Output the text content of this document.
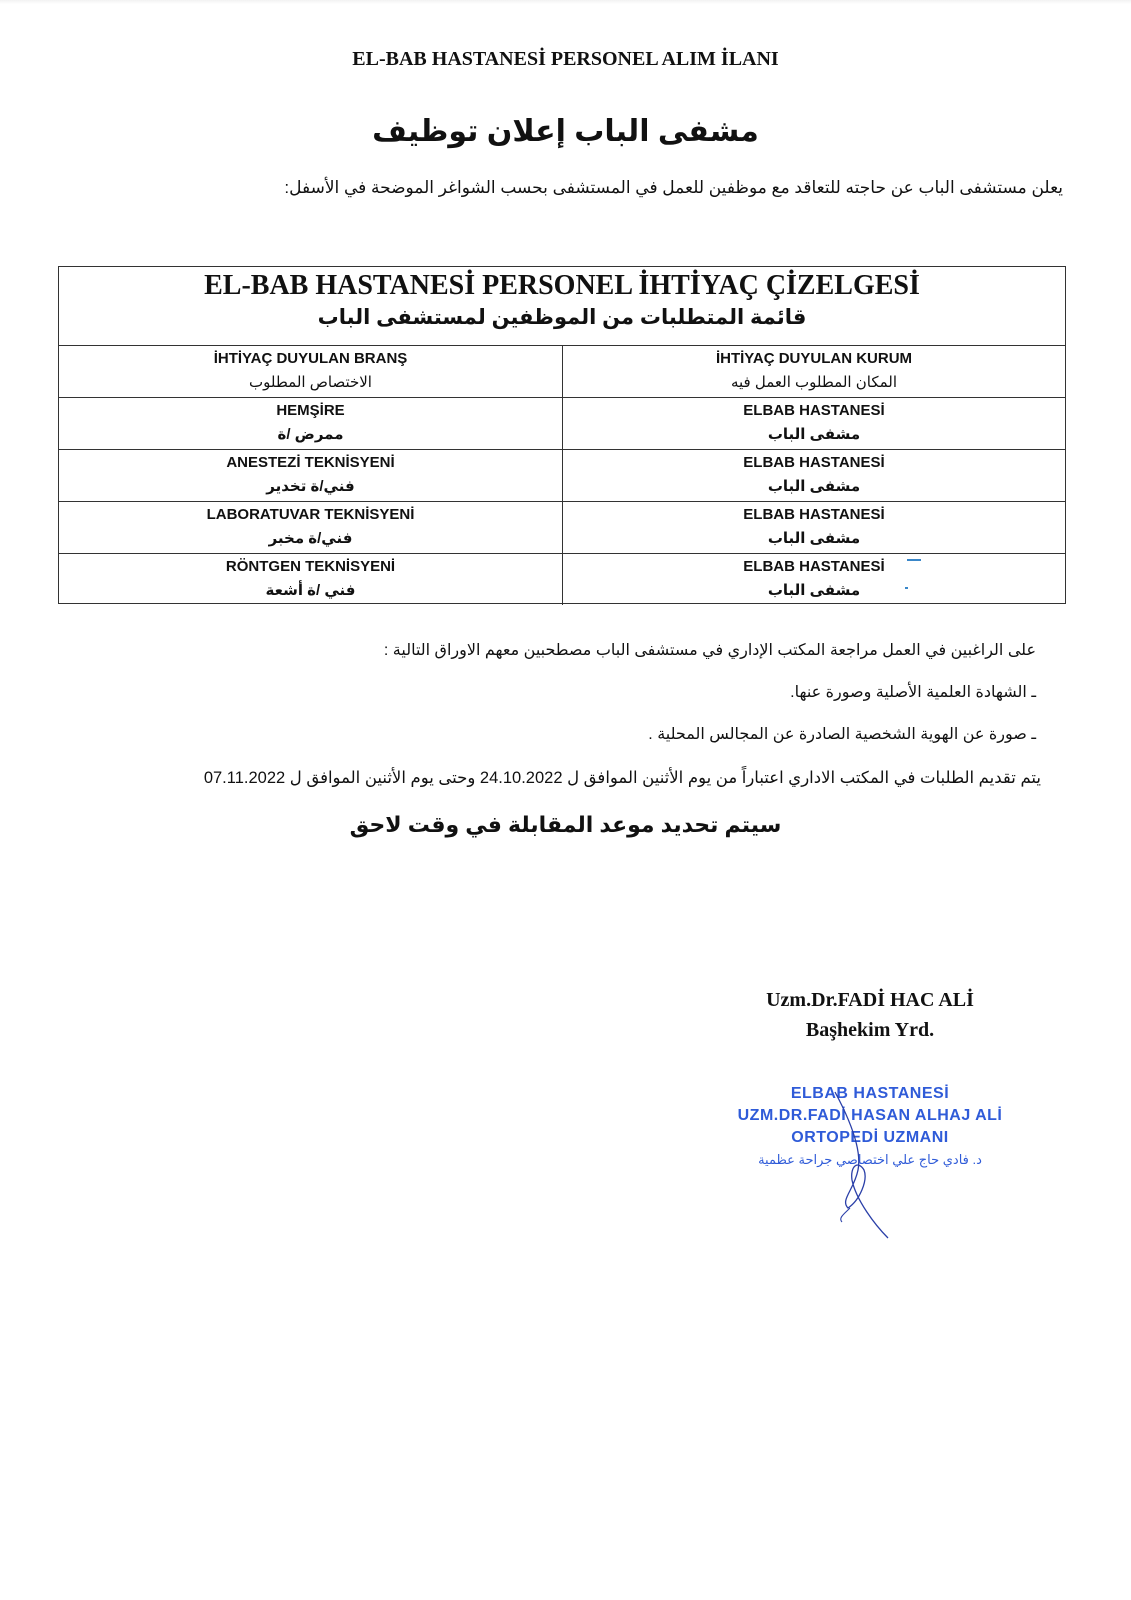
EL-BAB HASTANESİ PERSONEL ALIM İLANI
مشفى الباب إعلان توظيف
يعلن مستشفى الباب عن حاجته للتعاقد مع موظفين للعمل في المستشفى بحسب الشواغر الموضحة في الأسفل:
EL-BAB HASTANESİ PERSONEL İHTİYAÇ ÇİZELGESİ
قائمة المتطلبات من الموظفين لمستشفى الباب
İHTİYAÇ DUYULAN BRANŞ
الاختصاص المطلوب
İHTİYAÇ DUYULAN KURUM
المكان المطلوب العمل فيه
HEMŞİRE
ممرض /ة
ELBAB HASTANESİ
مشفى الباب
ANESTEZİ TEKNİSYENİ
فني/ة تخدير
ELBAB HASTANESİ
مشفى الباب
LABORATUVAR TEKNİSYENİ
فني/ة مخبر
ELBAB HASTANESİ
مشفى الباب
RÖNTGEN TEKNİSYENİ
فني /ة أشعة
ELBAB HASTANESİ
مشفى الباب
على الراغبين في العمل مراجعة المكتب الإداري في مستشفى الباب مصطحبين معهم الاوراق التالية :
ـ الشهادة العلمية الأصلية وصورة عنها.
ـ صورة عن الهوية الشخصية الصادرة عن المجالس المحلية .
يتم تقديم الطلبات في المكتب الاداري اعتباراً من يوم الأثنين الموافق ل 24.10.2022 وحتى يوم الأثنين الموافق ل 07.11.2022
سيتم تحديد موعد المقابلة في وقت لاحق
Uzm.Dr.FADİ HAC ALİ
Başhekim Yrd.
ELBAB HASTANESİ
UZM.DR.FADİ HASAN ALHAJ ALİ
ORTOPEDİ UZMANI
د. فادي حاج علي اختصاصي جراحة عظمية
